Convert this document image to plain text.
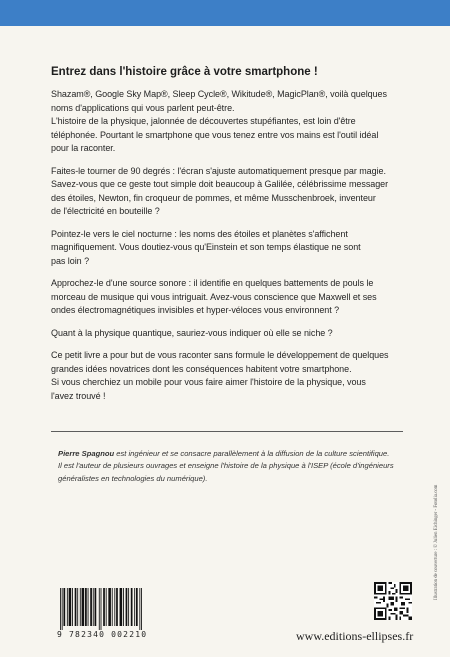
Entrez dans l'histoire grâce à votre smartphone !
Shazam®, Google Sky Map®, Sleep Cycle®, Wikitude®, MagicPlan®, voilà quelques
noms d'applications qui vous parlent peut-être.
L'histoire de la physique, jalonnée de découvertes stupéfiantes, est loin d'être
téléphonée. Pourtant le smartphone que vous tenez entre vos mains est l'outil idéal
pour la raconter.
Faites-le tourner de 90 degrés : l'écran s'ajuste automatiquement presque par magie.
Savez-vous que ce geste tout simple doit beaucoup à Galilée, célébrissime messager
des étoiles, Newton, fin croqueur de pommes, et même Musschenbroek, inventeur
de l'électricité en bouteille ?
Pointez-le vers le ciel nocturne : les noms des étoiles et planètes s'affichent
magnifiquement. Vous doutiez-vous qu'Einstein et son temps élastique ne sont
pas loin ?
Approchez-le d'une source sonore : il identifie en quelques battements de pouls le
morceau de musique qui vous intriguait. Avez-vous conscience que Maxwell et ses
ondes électromagnétiques invisibles et hyper-véloces vous environnent ?
Quant à la physique quantique, sauriez-vous indiquer où elle se niche ?
Ce petit livre a pour but de vous raconter sans formule le développement de quelques
grandes idées novatrices dont les conséquences habitent votre smartphone.
Si vous cherchiez un mobile pour vous faire aimer l'histoire de la physique, vous
l'avez trouvé !
Pierre Spagnou est ingénieur et se consacre parallèlement à la diffusion de la culture scientifique.
Il est l'auteur de plusieurs ouvrages et enseigne l'histoire de la physique à l'ISEP (école d'ingénieurs
généralistes en technologies du numérique).
Illustration de couverture : © Julien Eichinger - Fotolia.com
9 782340 002210	www.editions-ellipses.fr
